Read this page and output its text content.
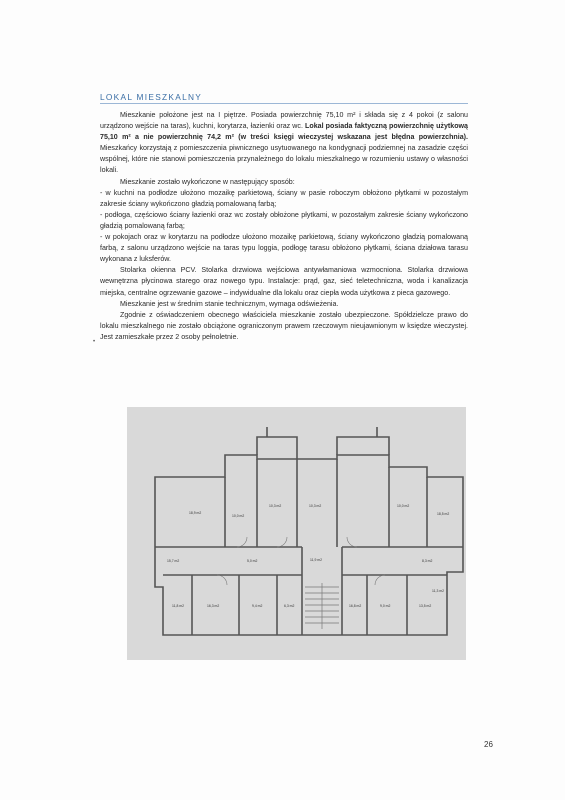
LOKAL MIESZKALNY

Mieszkanie położone jest na I piętrze. Posiada powierzchnię 75,10 m² i składa się z 4 pokoi (z salonu urządzono wejście na taras), kuchni, korytarza, łazienki oraz wc. Lokal posiada faktyczną powierzchnię użytkową 75,10 m² a nie powierzchnię 74,2 m² (w treści księgi wieczystej wskazana jest błędna powierzchnia). Mieszkańcy korzystają z pomieszczenia piwnicznego usytuowanego na kondygnacji podziemnej na zasadzie części wspólnej, które nie stanowi pomieszczenia przynależnego do lokalu mieszkalnego w rozumieniu ustawy o własności lokali.

Mieszkanie zostało wykończone w następujący sposób:

- w kuchni na podłodze ułożono mozaikę parkietową, ściany w pasie roboczym obłożono płytkami w pozostałym zakresie ściany wykończono gładzią pomalowaną farbą;

- podłoga, częściowo ściany łazienki oraz wc zostały obłożone płytkami, w pozostałym zakresie ściany wykończono gładzią pomalowaną farbą;

- w pokojach oraz w korytarzu na podłodze ułożono mozaikę parkietową, ściany wykończono gładzią pomalowaną farbą, z salonu urządzono wejście na taras typu loggia, podłogę tarasu obłożono płytkami, ściana działowa tarasu wykonana z luksferów.

Stolarka okienna PCV. Stolarka drzwiowa wejściowa antywłamaniowa wzmocniona. Stolarka drzwiowa wewnętrzna płycinowa starego oraz nowego typu. Instalacje: prąd, gaz, sieć teletechniczna, woda i kanalizacja miejska, centralne ogrzewanie gazowe – indywidualne dla lokalu oraz ciepła woda użytkowa z pieca gazowego.

Mieszkanie jest w średnim stanie technicznym, wymaga odświeżenia.

Zgodnie z oświadczeniem obecnego właściciela mieszkanie zostało ubezpieczone. Spółdzielcze prawo do lokalu mieszkalnego nie zostało obciążone ograniczonym prawem rzeczowym nieujawnionym w księdze wieczystej. Jest zamieszkałe przez 2 osoby pełnoletnie.

•
18,9 m2
10,3 m2	10,3 m2
18,5 m2
10,0 m2
10,0 m2
5,0 m2	11,9 m2	8,3 m2
11,8 m2	16,3 m2	9,4 m2	6,3 m2	16,8 m2	9,0 m2	13,5 m2
11,3 m2
15,7 m2
26
